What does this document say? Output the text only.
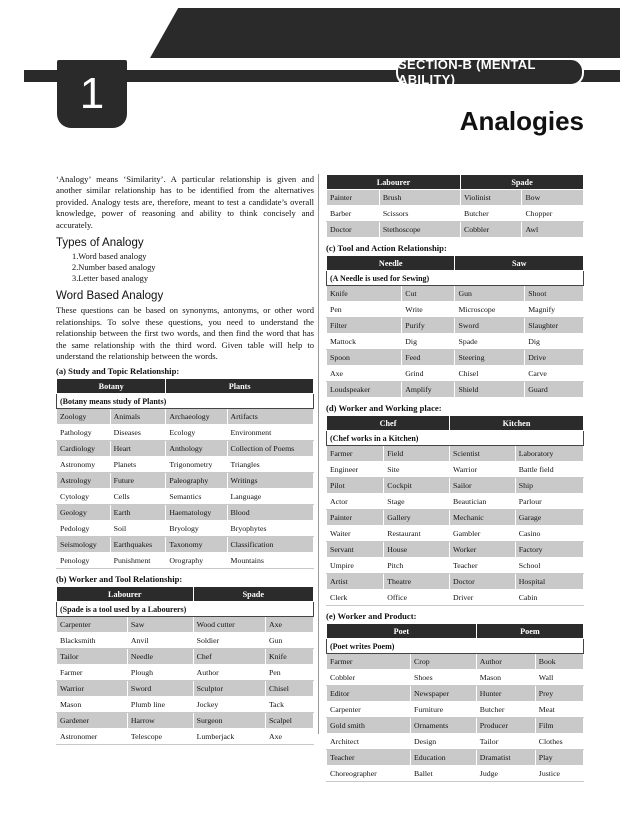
SECTION-B (MENTAL ABILITY)
1
Analogies

‘Analogy’ means ‘Similarity’. A particular relationship is given and another similar relationship has to be identified from the alternatives provided. Analogy tests are, therefore, meant to test a candidate’s overall knowledge, power of reasoning and ability to think concisely and accurately.

Types of Analogy
1.Word based analogy
2.Number based analogy
3.Letter based analogy
Word Based Analogy

These questions can be based on synonyms, antonyms, or other word relationships. To solve these questions, you need to understand the relationship between the first two words, and then find the word that has the same relationship with the third word. Given table will help to understand the relationship between the words.

(a) Study and Topic Relationship:
Botany		Plants	
(Botany means study of Plants)			
Zoology	Animals	Archaeology	Artifacts
Pathology	Diseases	Ecology	Environment
Cardiology	Heart	Anthology	Collection of Poems
Astronomy	Planets	Trigonometry	Triangles
Astrology	Future	Paleography	Writings
Cytology	Cells	Semantics	Language
Geology	Earth	Haematology	Blood
Pedology	Soil	Bryology	Bryophytes
Seismology	Earthquakes	Taxonomy	Classification
Penology	Punishment	Orography	Mountains
(b) Worker and Tool Relationship:
Labourer		Spade	
(Spade is a tool used by a Labourers)			
Carpenter	Saw	Wood cutter	Axe
Blacksmith	Anvil	Soldier	Gun
Tailor	Needle	Chef	Knife
Farmer	Plough	Author	Pen
Warrior	Sword	Sculptor	Chisel
Mason	Plumb line	Jockey	Tack
Gardener	Harrow	Surgeon	Scalpel
Astronomer	Telescope	Lumberjack	Axe
Labourer		Spade	
Painter	Brush	Violinist	Bow
Barber	Scissors	Butcher	Chopper
Doctor	Stethoscope	Cobbler	Awl
(c) Tool and Action Relationship:
Needle		Saw	
(A Needle is used for Sewing)			
Knife	Cut	Gun	Shoot
Pen	Write	Microscope	Magnify
Filter	Purify	Sword	Slaughter
Mattock	Dig	Spade	Dig
Spoon	Feed	Steering	Drive
Axe	Grind	Chisel	Carve
Loudspeaker	Amplify	Shield	Guard
(d) Worker and Working place:
Chef		Kitchen	
(Chef works in a Kitchen)			
Farmer	Field	Scientist	Laboratory
Engineer	Site	Warrior	Battle field
Pilot	Cockpit	Sailor	Ship
Actor	Stage	Beautician	Parlour
Painter	Gallery	Mechanic	Garage
Waiter	Restaurant	Gambler	Casino
Servant	House	Worker	Factory
Umpire	Pitch	Teacher	School
Artist	Theatre	Doctor	Hospital
Clerk	Office	Driver	Cabin
(e) Worker and Product:
Poet		Poem	
(Poet writes Poem)			
Farmer	Crop	Author	Book
Cobbler	Shoes	Mason	Wall
Editor	Newspaper	Hunter	Prey
Carpenter	Furniture	Butcher	Meat
Gold smith	Ornaments	Producer	Film
Architect	Design	Tailor	Clothes
Teacher	Education	Dramatist	Play
Choreographer	Ballet	Judge	Justice
